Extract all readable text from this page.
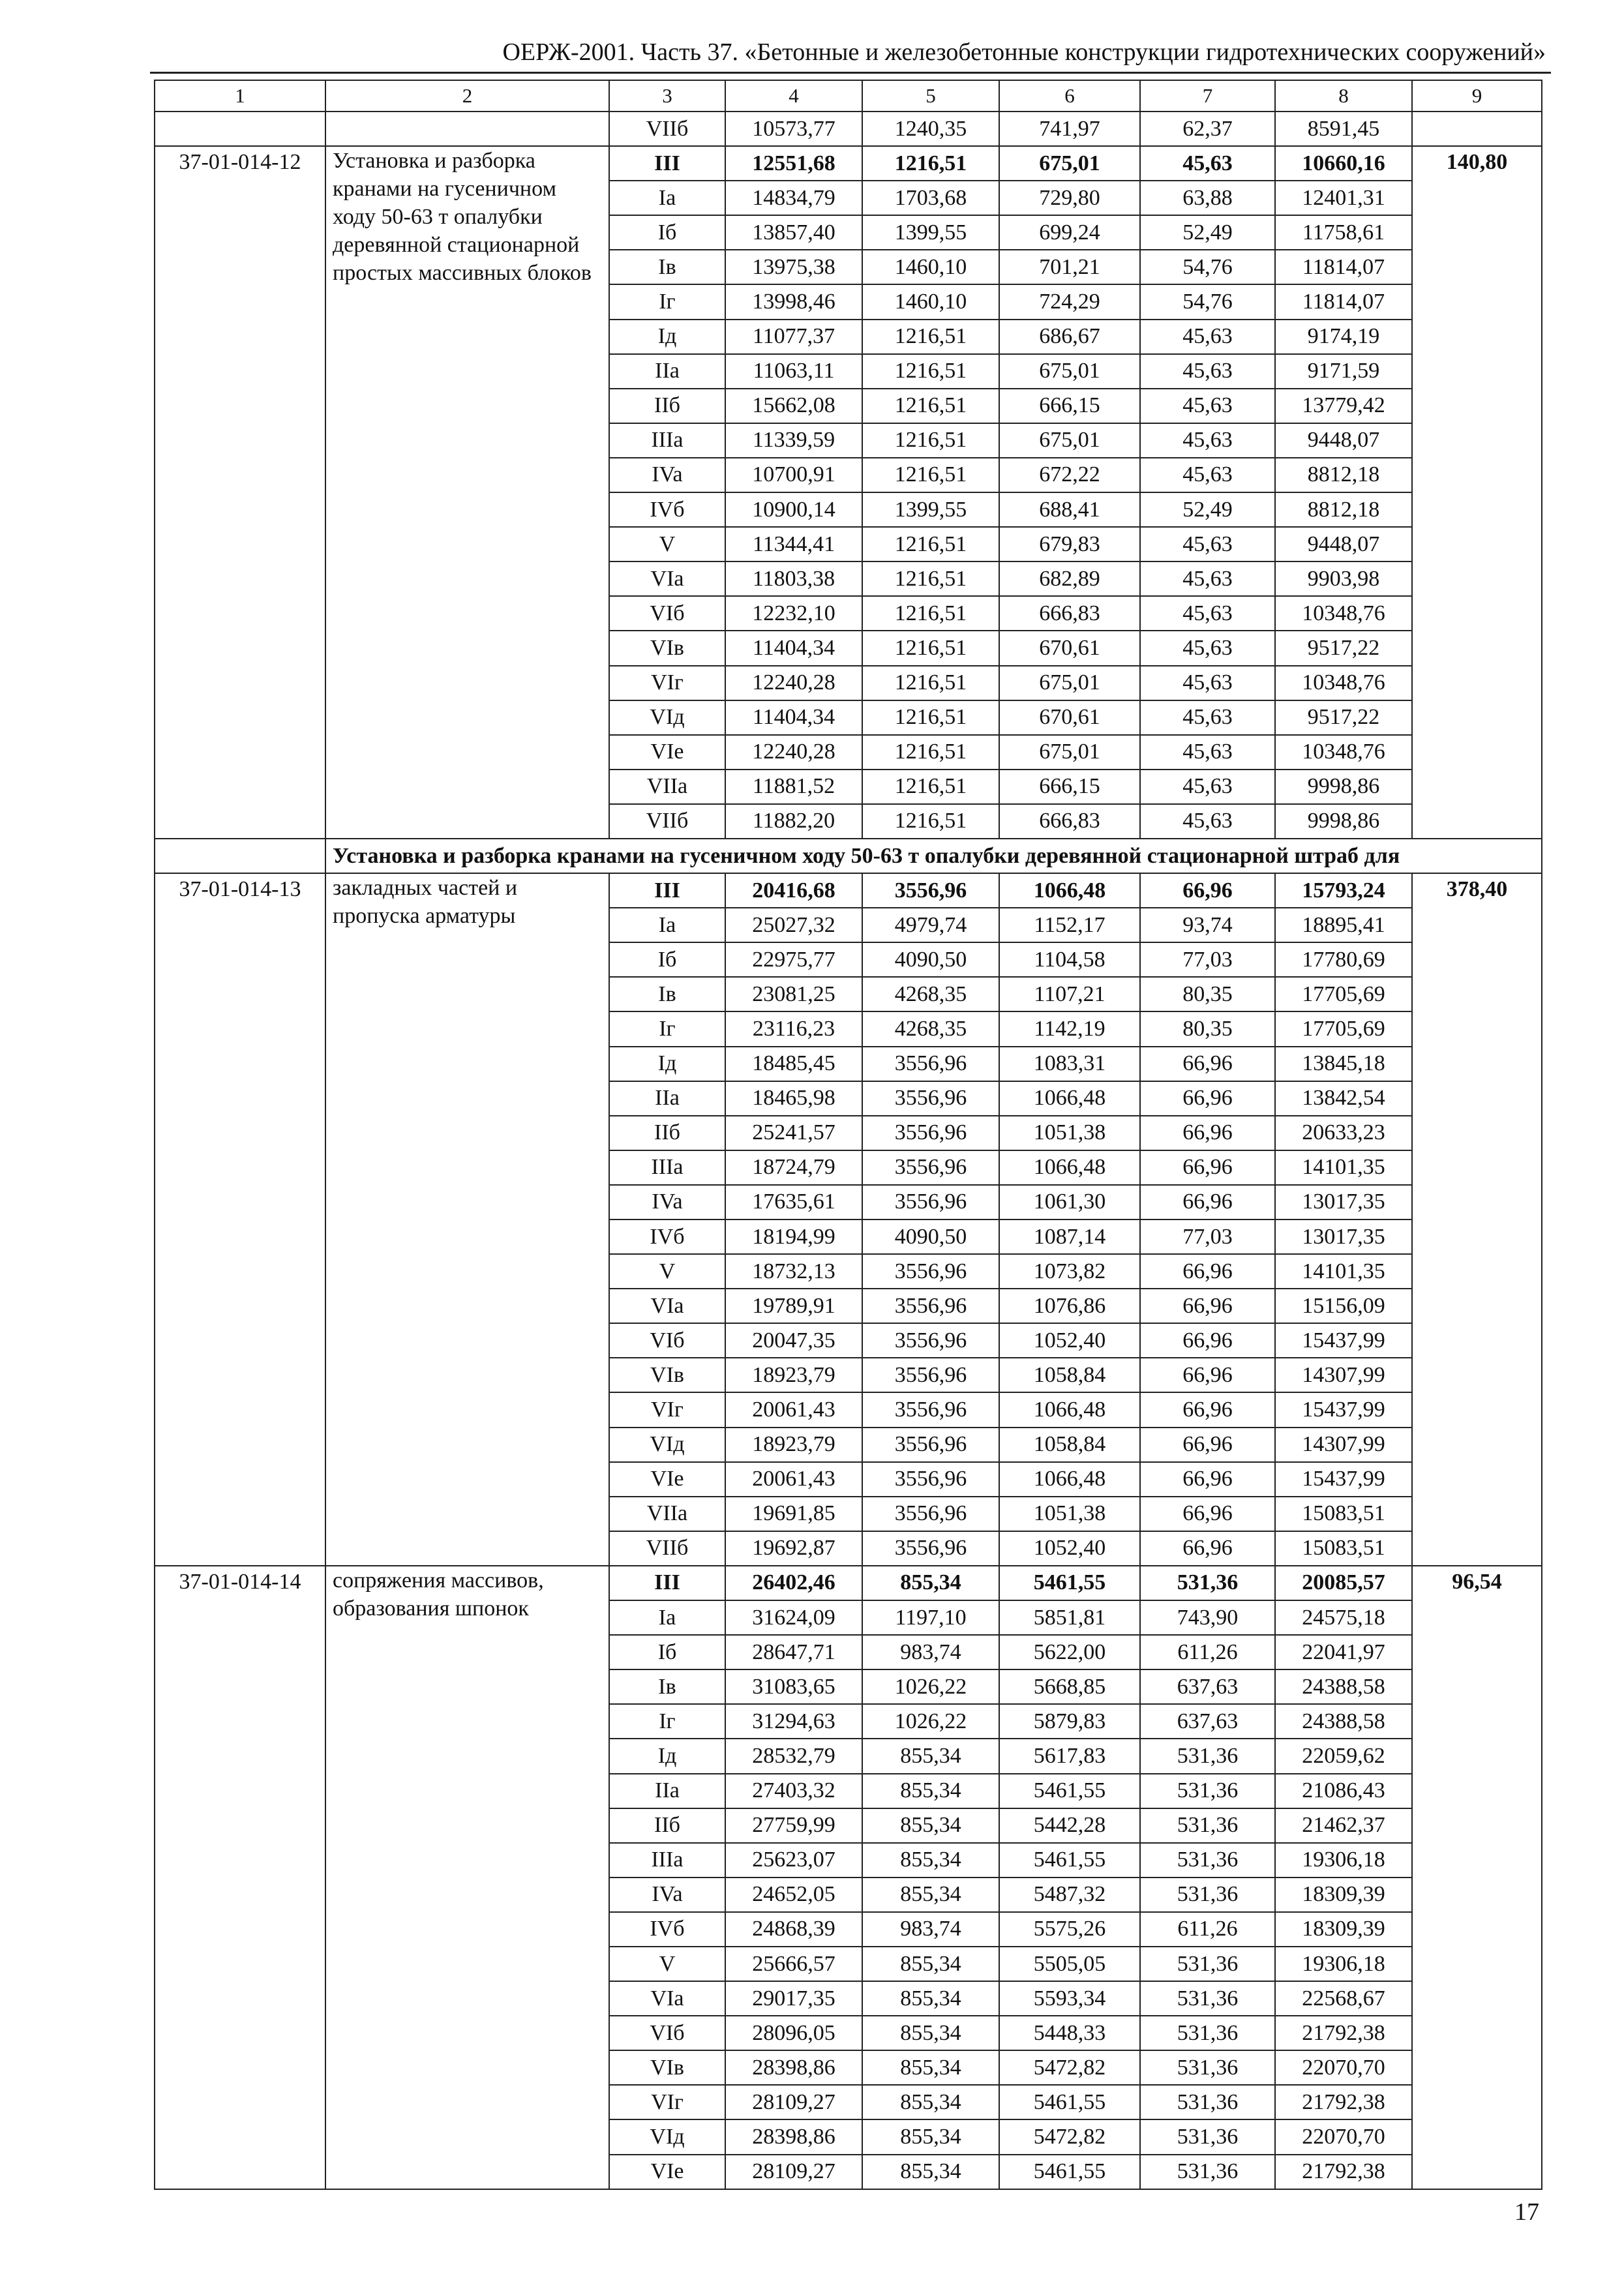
ОЕРЖ-2001. Часть 37. «Бетонные и железобетонные конструкции гидротехнических сооружений»
1	2	3	4	5	6	7	8	9
		VIIб	10573,77	1240,35	741,97	62,37	8591,45	
37-01-014-12	Установка и разборка кранами на гусеничном ходу 50-63 т опалубки деревянной стационарной простых массивных блоков	III	12551,68	1216,51	675,01	45,63	10660,16	140,80
		Ia	14834,79	1703,68	729,80	63,88	12401,31	
		Iб	13857,40	1399,55	699,24	52,49	11758,61	
		Iв	13975,38	1460,10	701,21	54,76	11814,07	
		Iг	13998,46	1460,10	724,29	54,76	11814,07	
		Iд	11077,37	1216,51	686,67	45,63	9174,19	
		IIa	11063,11	1216,51	675,01	45,63	9171,59	
		IIб	15662,08	1216,51	666,15	45,63	13779,42	
		IIIa	11339,59	1216,51	675,01	45,63	9448,07	
		IVa	10700,91	1216,51	672,22	45,63	8812,18	
		IVб	10900,14	1399,55	688,41	52,49	8812,18	
		V	11344,41	1216,51	679,83	45,63	9448,07	
		VIa	11803,38	1216,51	682,89	45,63	9903,98	
		VIб	12232,10	1216,51	666,83	45,63	10348,76	
		VIв	11404,34	1216,51	670,61	45,63	9517,22	
		VIг	12240,28	1216,51	675,01	45,63	10348,76	
		VIд	11404,34	1216,51	670,61	45,63	9517,22	
		VIe	12240,28	1216,51	675,01	45,63	10348,76	
		VIIa	11881,52	1216,51	666,15	45,63	9998,86	
		VIIб	11882,20	1216,51	666,83	45,63	9998,86	
	Установка и разборка кранами на гусеничном ходу 50-63 т опалубки деревянной стационарной штраб для							
37-01-014-13	закладных частей и пропуска арматуры	III	20416,68	3556,96	1066,48	66,96	15793,24	378,40
		Ia	25027,32	4979,74	1152,17	93,74	18895,41	
		Iб	22975,77	4090,50	1104,58	77,03	17780,69	
		Iв	23081,25	4268,35	1107,21	80,35	17705,69	
		Iг	23116,23	4268,35	1142,19	80,35	17705,69	
		Iд	18485,45	3556,96	1083,31	66,96	13845,18	
		IIa	18465,98	3556,96	1066,48	66,96	13842,54	
		IIб	25241,57	3556,96	1051,38	66,96	20633,23	
		IIIa	18724,79	3556,96	1066,48	66,96	14101,35	
		IVa	17635,61	3556,96	1061,30	66,96	13017,35	
		IVб	18194,99	4090,50	1087,14	77,03	13017,35	
		V	18732,13	3556,96	1073,82	66,96	14101,35	
		VIa	19789,91	3556,96	1076,86	66,96	15156,09	
		VIб	20047,35	3556,96	1052,40	66,96	15437,99	
		VIв	18923,79	3556,96	1058,84	66,96	14307,99	
		VIг	20061,43	3556,96	1066,48	66,96	15437,99	
		VIд	18923,79	3556,96	1058,84	66,96	14307,99	
		VIe	20061,43	3556,96	1066,48	66,96	15437,99	
		VIIa	19691,85	3556,96	1051,38	66,96	15083,51	
		VIIб	19692,87	3556,96	1052,40	66,96	15083,51	
37-01-014-14	сопряжения массивов, образования шпонок	III	26402,46	855,34	5461,55	531,36	20085,57	96,54
		Ia	31624,09	1197,10	5851,81	743,90	24575,18	
		Iб	28647,71	983,74	5622,00	611,26	22041,97	
		Iв	31083,65	1026,22	5668,85	637,63	24388,58	
		Iг	31294,63	1026,22	5879,83	637,63	24388,58	
		Iд	28532,79	855,34	5617,83	531,36	22059,62	
		IIa	27403,32	855,34	5461,55	531,36	21086,43	
		IIб	27759,99	855,34	5442,28	531,36	21462,37	
		IIIa	25623,07	855,34	5461,55	531,36	19306,18	
		IVa	24652,05	855,34	5487,32	531,36	18309,39	
		IVб	24868,39	983,74	5575,26	611,26	18309,39	
		V	25666,57	855,34	5505,05	531,36	19306,18	
		VIa	29017,35	855,34	5593,34	531,36	22568,67	
		VIб	28096,05	855,34	5448,33	531,36	21792,38	
		VIв	28398,86	855,34	5472,82	531,36	22070,70	
		VIг	28109,27	855,34	5461,55	531,36	21792,38	
		VIд	28398,86	855,34	5472,82	531,36	22070,70	
		VIe	28109,27	855,34	5461,55	531,36	21792,38	
17
